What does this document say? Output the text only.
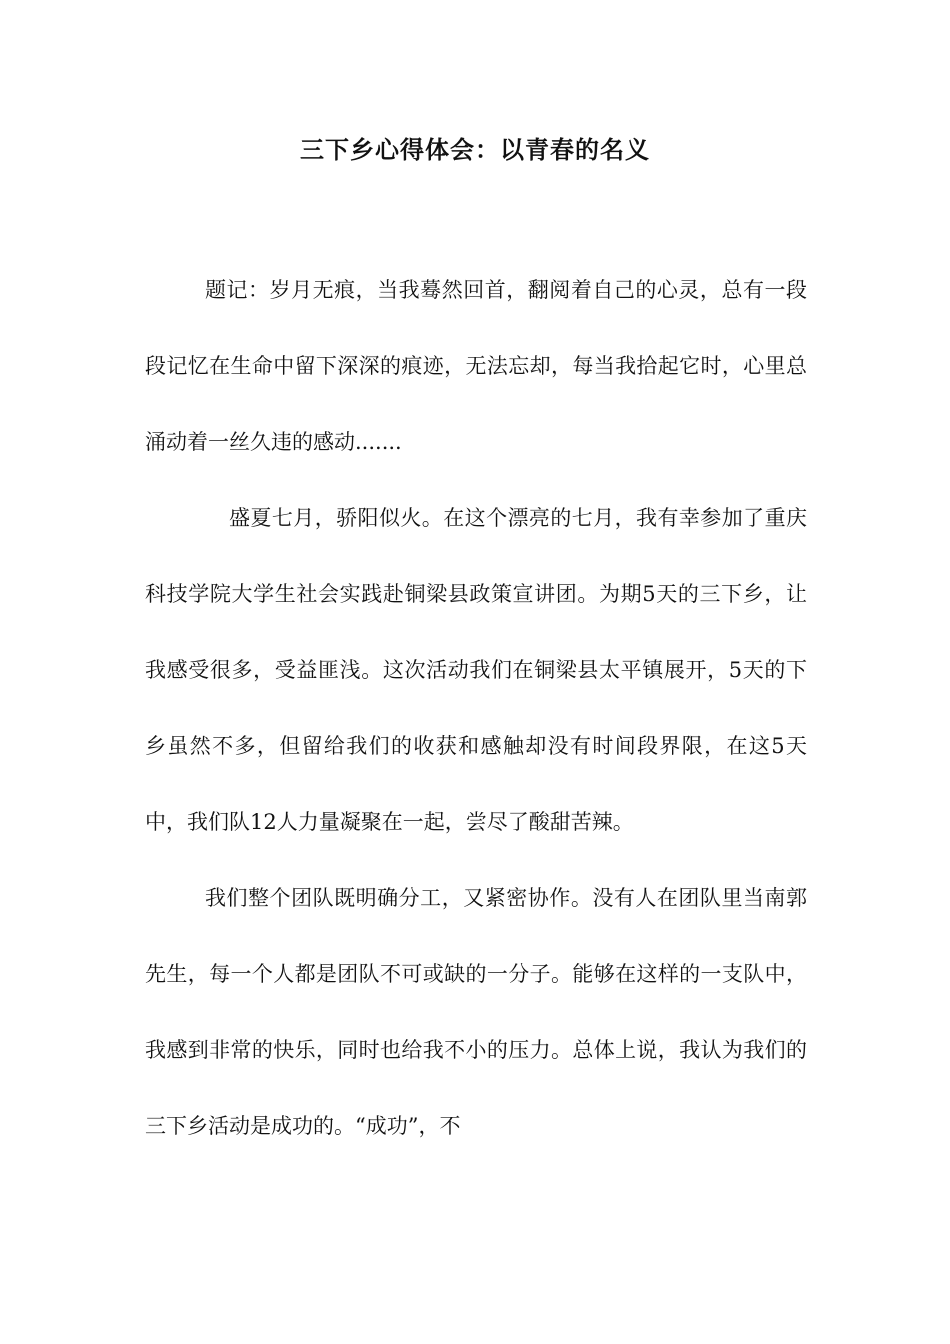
三下乡心得体会：以青春的名义

题记：岁月无痕，当我蓦然回首，翻阅着自己的心灵，总有一段段记忆在生命中留下深深的痕迹，无法忘却，每当我拾起它时，心里总涌动着一丝久违的感动.......

盛夏七月，骄阳似火。在这个漂亮的七月，我有幸参加了重庆科技学院大学生社会实践赴铜梁县政策宣讲团。为期5天的三下乡，让我感受很多，受益匪浅。这次活动我们在铜梁县太平镇展开，5天的下乡虽然不多，但留给我们的收获和感触却没有时间段界限，在这5天中，我们队12人力量凝聚在一起，尝尽了酸甜苦辣。

我们整个团队既明确分工，又紧密协作。没有人在团队里当南郭先生，每一个人都是团队不可或缺的一分子。能够在这样的一支队中，我感到非常的快乐，同时也给我不小的压力。总体上说，我认为我们的三下乡活动是成功的。“成功”，不
